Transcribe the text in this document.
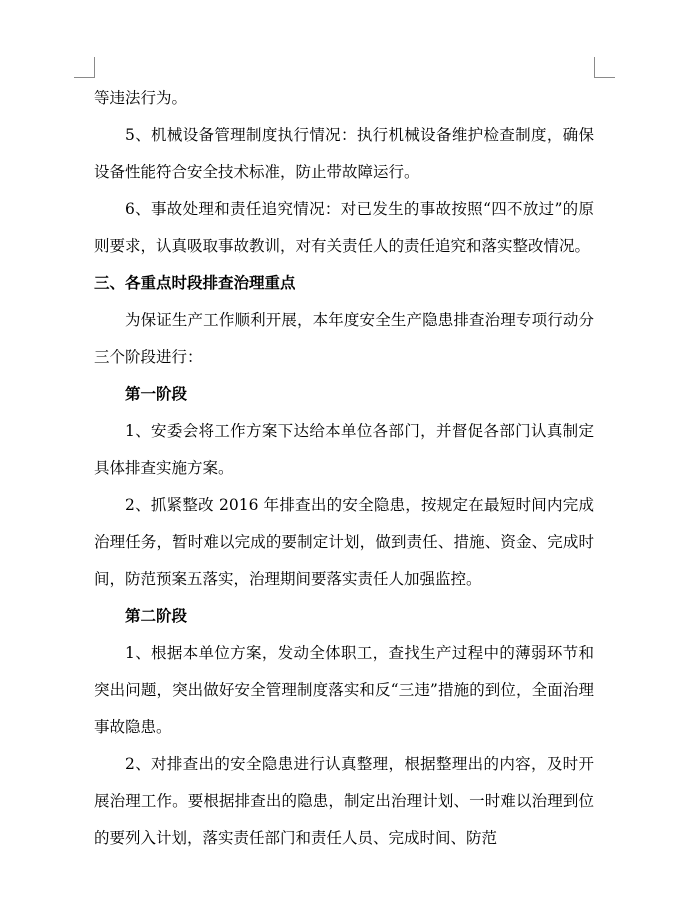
等违法行为。

5、机械设备管理制度执行情况：执行机械设备维护检查制度，确保设备性能符合安全技术标准，防止带故障运行。

6、事故处理和责任追究情况：对已发生的事故按照“四不放过”的原则要求，认真吸取事故教训，对有关责任人的责任追究和落实整改情况。

三、各重点时段排查治理重点

为保证生产工作顺利开展，本年度安全生产隐患排查治理专项行动分三个阶段进行：

第一阶段

1、安委会将工作方案下达给本单位各部门，并督促各部门认真制定具体排查实施方案。

2、抓紧整改 2016 年排查出的安全隐患，按规定在最短时间内完成治理任务，暂时难以完成的要制定计划，做到责任、措施、资金、完成时间，防范预案五落实，治理期间要落实责任人加强监控。

第二阶段

1、根据本单位方案，发动全体职工，查找生产过程中的薄弱环节和突出问题，突出做好安全管理制度落实和反“三违”措施的到位，全面治理事故隐患。

2、对排查出的安全隐患进行认真整理，根据整理出的内容，及时开展治理工作。要根据排查出的隐患，制定出治理计划、一时难以治理到位的要列入计划，落实责任部门和责任人员、完成时间、防范
